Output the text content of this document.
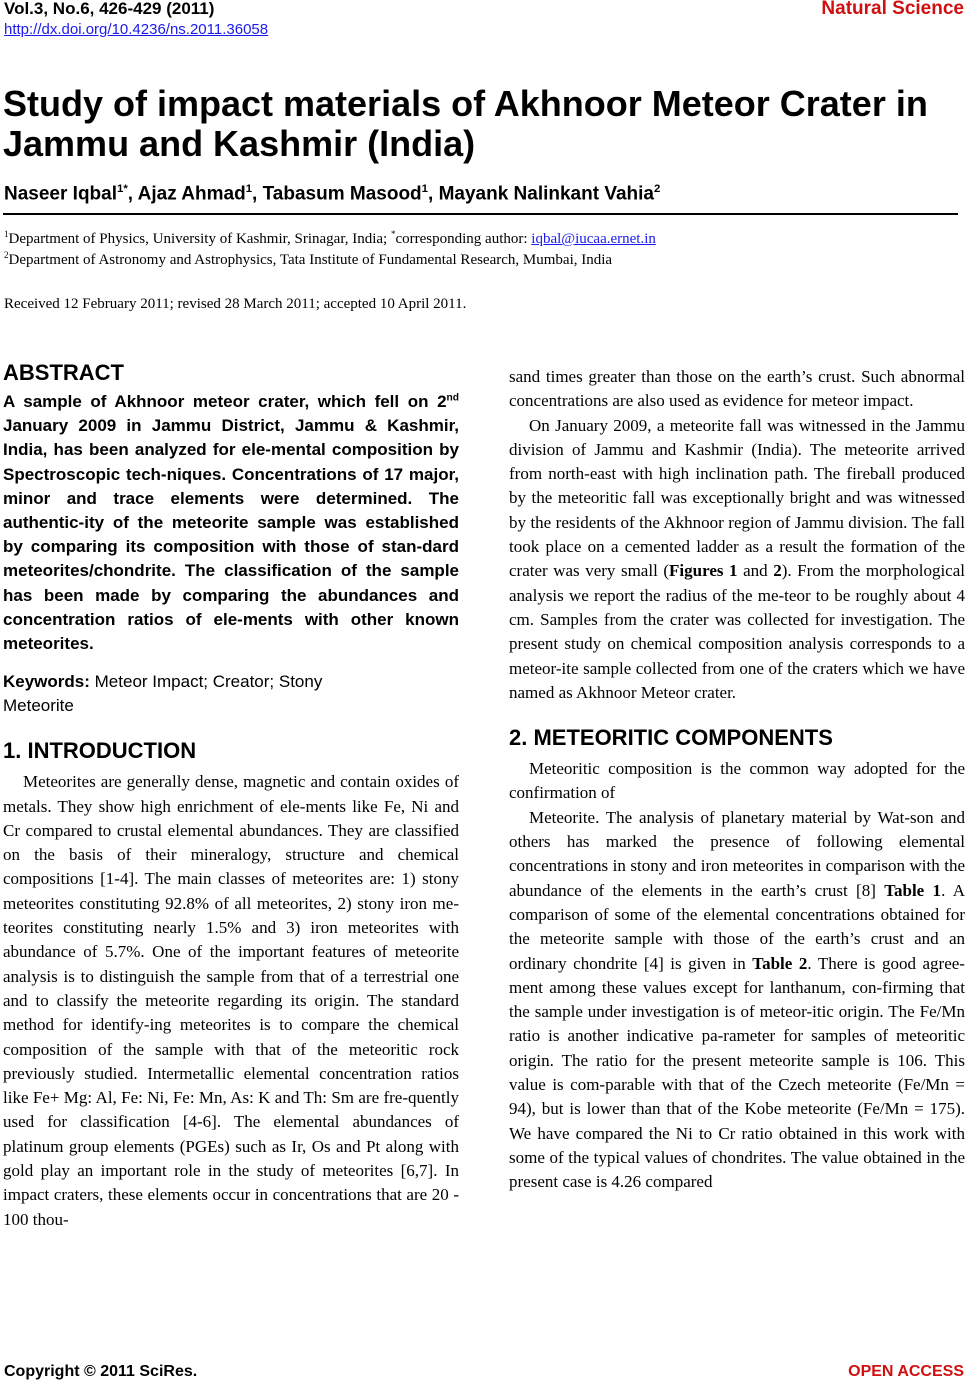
Vol.3, No.6, 426-429 (2011)
http://dx.doi.org/10.4236/ns.2011.36058
Natural Science
Study of impact materials of Akhnoor Meteor Crater in Jammu and Kashmir (India)
Naseer Iqbal$^{1*}$, Ajaz Ahmad$^1$, Tabasum Masood$^1$, Mayank Nalinkant Vahia$^2$
$^1$Department of Physics, University of Kashmir, Srinagar, India; *corresponding author: iqbal@iucaa.ernet.in
$^2$Department of Astronomy and Astrophysics, Tata Institute of Fundamental Research, Mumbai, India
Received 12 February 2011; revised 28 March 2011; accepted 10 April 2011.
ABSTRACT

A sample of Akhnoor meteor crater, which fell on 2nd January 2009 in Jammu District, Jammu & Kashmir, India, has been analyzed for ele-mental composition by Spectroscopic tech-niques. Concentrations of 17 major, minor and trace elements were determined. The authentic-ity of the meteorite sample was established by comparing its composition with those of stan-dard meteorites/chondrite. The classification of the sample has been made by comparing the abundances and concentration ratios of ele-ments with other known meteorites.

Keywords: Meteor Impact; Creator; Stony Meteorite

1. INTRODUCTION

Meteorites are generally dense, magnetic and contain oxides of metals. They show high enrichment of ele-ments like Fe, Ni and Cr compared to crustal elemental abundances. They are classified on the basis of their mineralogy, structure and chemical compositions [1-4]. The main classes of meteorites are: 1) stony meteorites constituting 92.8% of all meteorites, 2) stony iron me-teorites constituting nearly 1.5% and 3) iron meteorites with abundance of 5.7%. One of the important features of meteorite analysis is to distinguish the sample from that of a terrestrial one and to classify the meteorite regarding its origin. The standard method for identify-ing meteorites is to compare the chemical composition of the sample with that of the meteoritic rock previously studied. Intermetallic elemental concentration ratios like Fe+ Mg: Al, Fe: Ni, Fe: Mn, As: K and Th: Sm are fre-quently used for classification [4-6]. The elemental abundances of platinum group elements (PGEs) such as Ir, Os and Pt along with gold play an important role in the study of meteorites [6,7]. In impact craters, these elements occur in concentrations that are 20 - 100 thou-

sand times greater than those on the earth’s crust. Such abnormal concentrations are also used as evidence for meteor impact.

On January 2009, a meteorite fall was witnessed in the Jammu division of Jammu and Kashmir (India). The meteorite arrived from north-east with high inclination path. The fireball produced by the meteoritic fall was exceptionally bright and was witnessed by the residents of the Akhnoor region of Jammu division. The fall took place on a cemented ladder as a result the formation of the crater was very small (Figures 1 and 2). From the morphological analysis we report the radius of the me-teor to be roughly about 4 cm. Samples from the crater was collected for investigation. The present study on chemical composition analysis corresponds to a meteor-ite sample collected from one of the craters which we have named as Akhnoor Meteor crater.

2. METEORITIC COMPONENTS

Meteoritic composition is the common way adopted for the confirmation of

Meteorite. The analysis of planetary material by Wat-son and others has marked the presence of following elemental concentrations in stony and iron meteorites in comparison with the abundance of the elements in the earth’s crust [8] Table 1. A comparison of some of the elemental concentrations obtained for the meteorite sample with those of the earth’s crust and an ordinary chondrite [4] is given in Table 2. There is good agree-ment among these values except for lanthanum, con-firming that the sample under investigation is of meteor-itic origin. The Fe/Mn ratio is another indicative pa-rameter for samples of meteoritic origin. The ratio for the present meteorite sample is 106. This value is com-parable with that of the Czech meteorite (Fe/Mn = 94), but is lower than that of the Kobe meteorite (Fe/Mn = 175). We have compared the Ni to Cr ratio obtained in this work with some of the typical values of chondrites. The value obtained in the present case is 4.26 compared

Copyright © 2011 SciRes.	OPEN ACCESS
